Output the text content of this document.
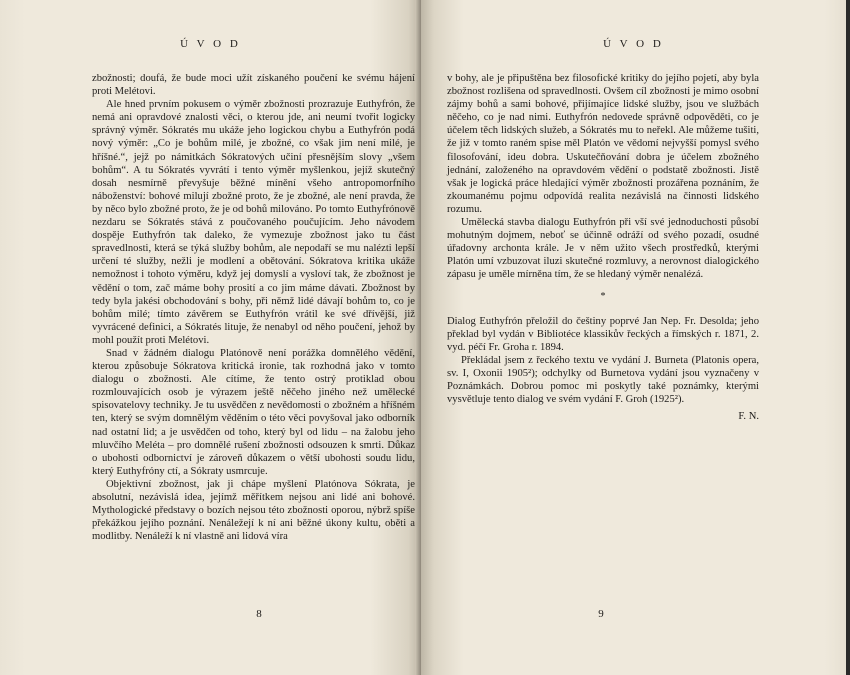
Ú V O D

zbožnosti; doufá, že bude moci užít získaného poučení ke svému hájení proti Melétovi.

Ale hned prvním pokusem o výměr zbožnosti prozrazuje Euthyfrón, že nemá ani opravdové znalosti věci, o kterou jde, ani neumí tvořit logicky správný výměr. Sókratés mu ukáže jeho logickou chybu a Euthyfrón podá nový výměr: „Co je bohům milé, je zbožné, co však jim není milé, je hříšné.“, jejž po námitkách Sókratových učiní přesnějším slovy „všem bohům“. A tu Sókratés vyvrátí i tento výměr myšlenkou, jejíž skutečný dosah nesmírně převyšuje běžné mínění všeho antropomorfního náboženství: bohové milují zbožné proto, že je zbožné, ale není pravda, že by něco bylo zbožné proto, že je od bohů milováno. Po tomto Euthyfrónově nezdaru se Sókratés stává z poučovaného poučujícím. Jeho návodem dospěje Euthyfrón tak daleko, že vymezuje zbožnost jako tu část spravedlnosti, která se týká služby bohům, ale nepodaří se mu nalézti lepší určení té služby, nežli je modlení a obětování. Sókratova kritika ukáže nemožnost i tohoto výměru, když jej domyslí a vysloví tak, že zbožnost je vědění o tom, zač máme bohy prosití a co jim máme dávati. Zbožnost by tedy byla jakési obchodování s bohy, při němž lidé dávají bohům to, co je bohům milé; tímto závěrem se Euthyfrón vrátil ke své dřívější, již vyvrácené definici, a Sókratés lituje, že nenabyl od něho poučení, jehož by mohl použít proti Melétovi.

Snad v žádném dialogu Platónově není porážka domnělého vědění, kterou způsobuje Sókratova kritická ironie, tak rozhodná jako v tomto dialogu o zbožnosti. Ale cítíme, že tento ostrý protiklad obou rozmlouvajících osob je výrazem ještě něčeho jiného než umělecké spisovatelovy techniky. Je tu usvědčen z nevědomosti o zbožném a hříšném ten, který se svým domnělým věděním o této věci povyšoval jako odborník nad ostatní lid; a je usvědčen od toho, který byl od lidu – na žalobu jeho mluvčího Meléta – pro domnělé rušení zbožnosti odsouzen k smrti. Důkaz o ubohosti odbornictví je zároveň důkazem o větší ubohosti soudu lidu, který Euthyfróny ctí, a Sókraty usmrcuje.

Objektivní zbožnost, jak ji chápe myšlení Platónova Sókrata, je absolutní, nezávislá idea, jejímž měřítkem nejsou ani lidé ani bohové. Mythologické představy o bozích nejsou této zbožnosti oporou, nýbrž spíše překážkou jejího poznání. Nenáležejí k ní ani běžné úkony kultu, oběti a modlitby. Nenáleží k ní vlastně ani lidová víra

8
Ú V O D

v bohy, ale je připuštěna bez filosofické kritiky do jejího pojetí, aby byla zbožnost rozlišena od spravedlnosti. Ovšem cíl zbožnosti je mimo osobní zájmy bohů a sami bohové, přijímajíce lidské služby, jsou ve službách něčeho, co je nad nimi. Euthyfrón nedovede správně odpověděti, co je účelem těch lidských služeb, a Sókratés mu to neřekl. Ale můžeme tušiti, že již v tomto raném spise měl Platón ve vědomí nejvyšší pomysl svého filosofování, ideu dobra. Uskutečňování dobra je účelem zbožného jednání, založeného na opravdovém vědění o podstatě zbožnosti. Jistě však je logická práce hledající výměr zbožnosti prozářena poznáním, že zkoumanému pojmu odpovídá realita nezávislá na činnosti lidského rozumu.

Umělecká stavba dialogu Euthyfrón při vší své jednoduchosti působí mohutným dojmem, neboť se účinně odráží od svého pozadí, osudné úřadovny archonta krále. Je v něm užito všech prostředků, kterými Platón umí vzbuzovat iluzi skutečné rozmluvy, a nerovnost dialogického zápasu je uměle mírněna tím, že se hledaný výměr nenalézá.

*

Dialog Euthyfrón přeložil do češtiny poprvé Jan Nep. Fr. Desolda; jeho překlad byl vydán v Bibliotéce klassikův řeckých a římských r. 1871, 2. vyd. péčí Fr. Groha r. 1894.

Překládal jsem z řeckého textu ve vydání J. Burneta (Platonis opera, sv. I, Oxonii 1905²); odchylky od Burnetova vydání jsou vyznačeny v Poznámkách. Dobrou pomoc mi poskytly také poznámky, kterými vysvětluje tento dialog ve svém vydání F. Groh (1925²).

F. N.
9
